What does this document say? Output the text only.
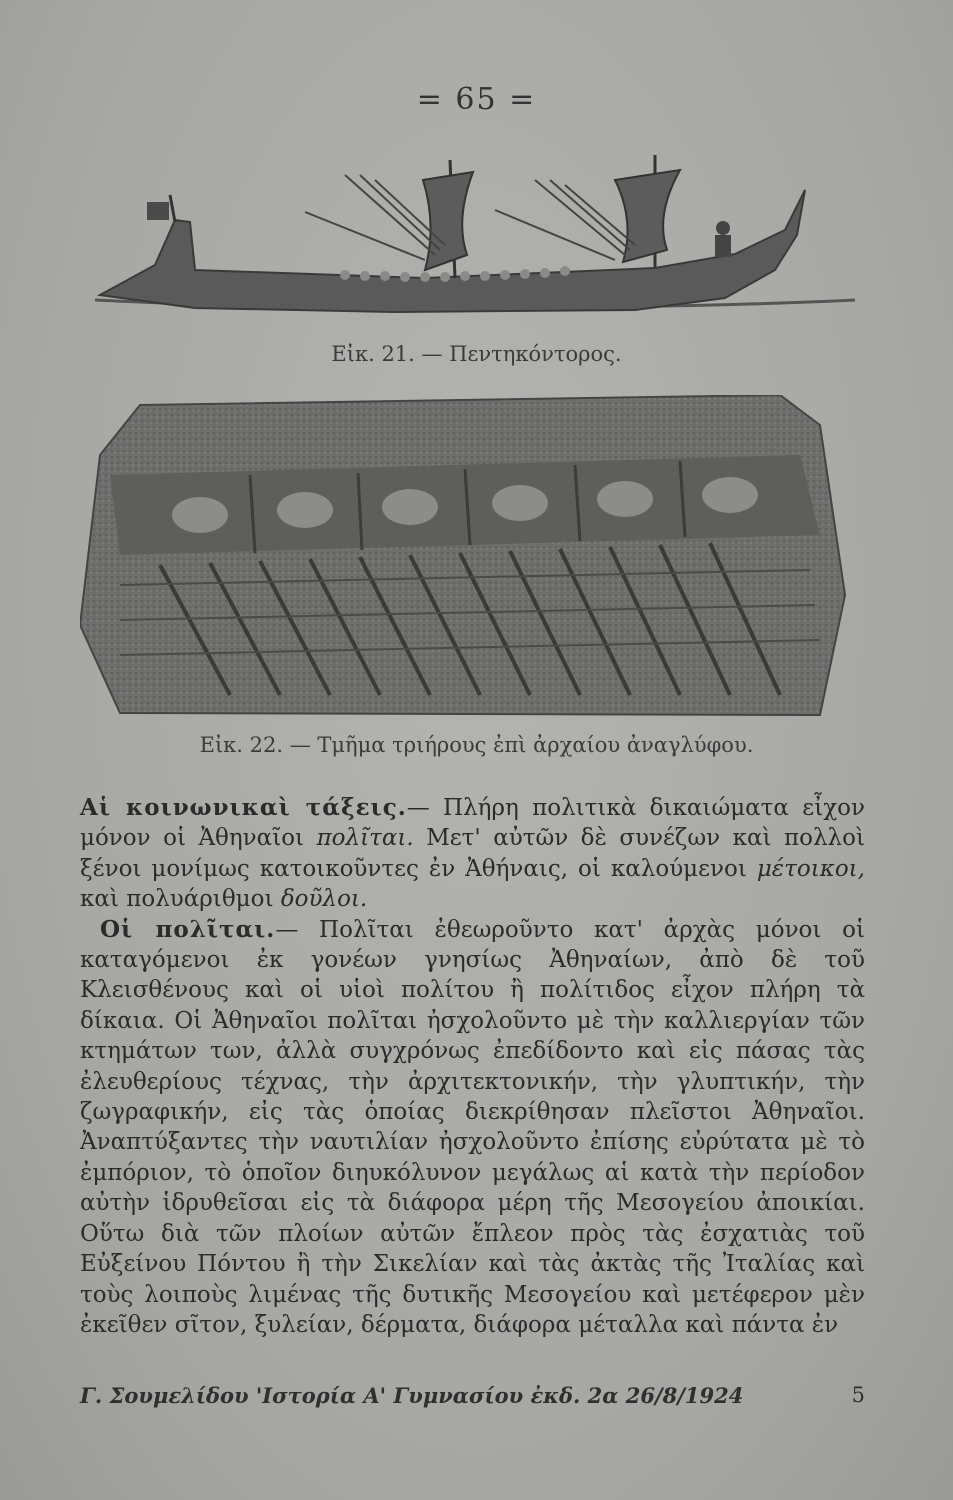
= 65 =
Εἰκ. 21. — Πεντηκόντορος.
Εἰκ. 22. — Τμῆμα τριήρους ἐπὶ ἀρχαίου ἀναγλύφου.

Αἱ κοινωνικαὶ τάξεις.— Πλήρη πολιτικὰ δικαιώματα εἶχον μόνον οἱ Ἀθηναῖοι πολῖται. Μετ' αὐτῶν δὲ συνέζων καὶ πολλοὶ ξένοι μονίμως κατοικοῦντες ἐν Ἀθήναις, οἱ καλούμενοι μέτοικοι, καὶ πολυάριθμοι δοῦλοι.

Οἱ πολῖται.— Πολῖται ἐθεωροῦντο κατ' ἀρχὰς μόνοι οἱ καταγόμενοι ἐκ γονέων γνησίως Ἀθηναίων, ἀπὸ δὲ τοῦ Κλεισθένους καὶ οἱ υἱοὶ πολίτου ἢ πολίτιδος εἶχον πλήρη τὰ δίκαια. Οἱ Ἀθηναῖοι πολῖται ἠσχολοῦντο μὲ τὴν καλλιεργίαν τῶν κτημάτων των, ἀλλὰ συγχρόνως ἐπεδίδοντο καὶ εἰς πάσας τὰς ἐλευθερίους τέχνας, τὴν ἀρχιτεκτονικήν, τὴν γλυπτικήν, τὴν ζωγραφικήν, εἰς τὰς ὁποίας διεκρίθησαν πλεῖστοι Ἀθηναῖοι. Ἀναπτύξαντες τὴν ναυτιλίαν ἠσχολοῦντο ἐπίσης εὐρύτατα μὲ τὸ ἐμπόριον, τὸ ὁποῖον διηυκόλυνον μεγάλως αἱ κατὰ τὴν περίοδον αὐτὴν ἱδρυθεῖσαι εἰς τὰ διάφορα μέρη τῆς Μεσογείου ἀποικίαι. Οὕτω διὰ τῶν πλοίων αὐτῶν ἔπλεον πρὸς τὰς ἐσχατιὰς τοῦ Εὐξείνου Πόντου ἢ τὴν Σικελίαν καὶ τὰς ἀκτὰς τῆς Ἰταλίας καὶ τοὺς λοιποὺς λιμένας τῆς δυτικῆς Μεσογείου καὶ μετέφερον μὲν ἐκεῖθεν σῖτον, ξυλείαν, δέρματα, διάφορα μέταλλα καὶ πάντα ἐν

Γ. Σουμελίδου 'Ιστορία Α' Γυμνασίου ἐκδ. 2α 26/8/1924	5
